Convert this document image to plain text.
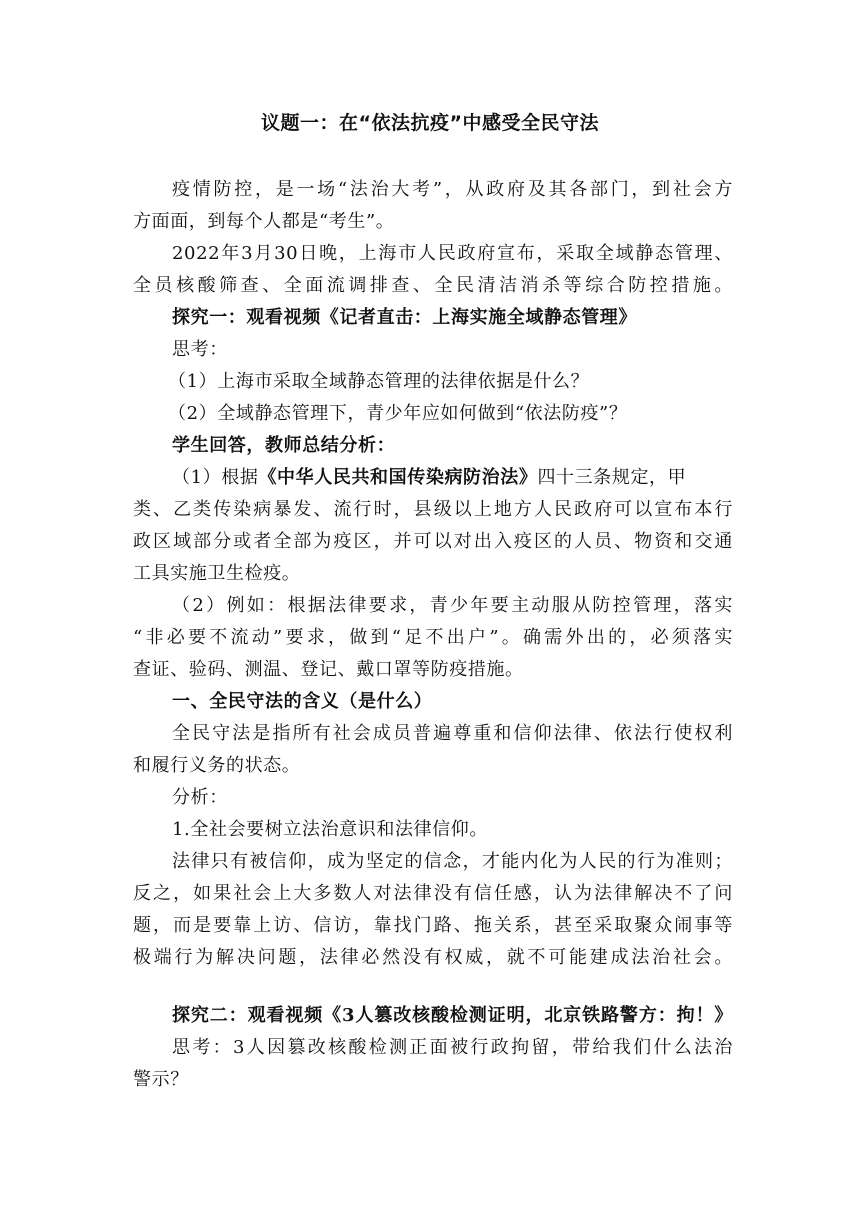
议题一：在“依法抗疫”中感受全民守法
疫情防控，是一场“法治大考”，从政府及其各部门，到社会方
方面面，到每个人都是“考生”。
2022年3月30日晚，上海市人民政府宣布，采取全域静态管理、
全员核酸筛查、全面流调排查、全民清洁消杀等综合防控措施。
探究一：观看视频《记者直击：上海实施全域静态管理》
思考：
（1）上海市采取全域静态管理的法律依据是什么？
（2）全域静态管理下，青少年应如何做到“依法防疫”？
学生回答，教师总结分析：
（1）根据《中华人民共和国传染病防治法》四十三条规定，甲
类、乙类传染病暴发、流行时，县级以上地方人民政府可以宣布本行
政区域部分或者全部为疫区，并可以对出入疫区的人员、物资和交通
工具实施卫生检疫。
（2）例如：根据法律要求，青少年要主动服从防控管理，落实
“非必要不流动”要求，做到“足不出户”。确需外出的，必须落实
查证、验码、测温、登记、戴口罩等防疫措施。
一、全民守法的含义（是什么）
全民守法是指所有社会成员普遍尊重和信仰法律、依法行使权利
和履行义务的状态。
分析：
1.全社会要树立法治意识和法律信仰。
法律只有被信仰，成为坚定的信念，才能内化为人民的行为准则；
反之，如果社会上大多数人对法律没有信任感，认为法律解决不了问
题，而是要靠上访、信访，靠找门路、拖关系，甚至采取聚众闹事等
极端行为解决问题，法律必然没有权威，就不可能建成法治社会。
探究二：观看视频《3人篡改核酸检测证明，北京铁路警方：拘！》
思考：3人因篡改核酸检测正面被行政拘留，带给我们什么法治
警示？
